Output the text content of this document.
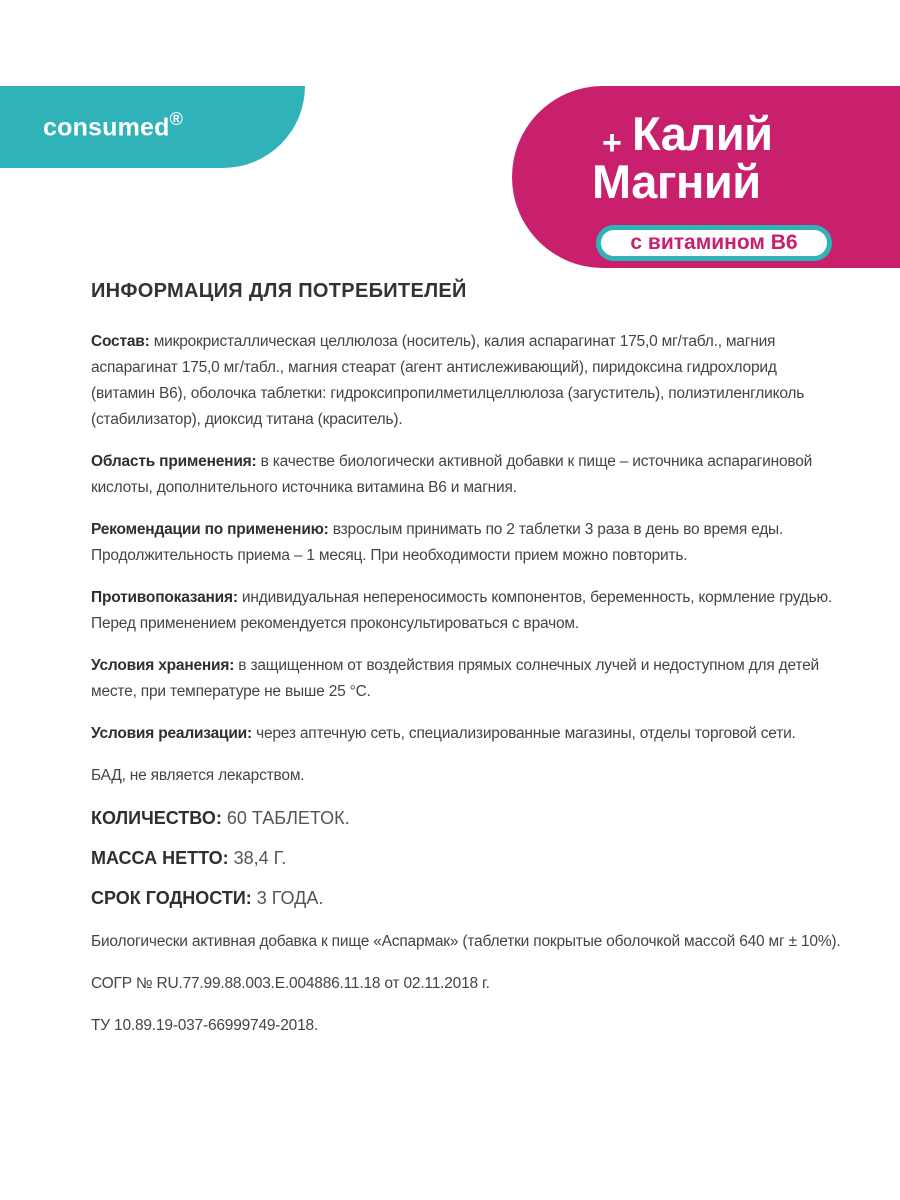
consumed®
+ Калий
Магний
с витамином В6
ИНФОРМАЦИЯ ДЛЯ ПОТРЕБИТЕЛЕЙ

Состав: микрокристаллическая целлюлоза (носитель), калия аспарагинат 175,0 мг/табл., магния аспарагинат 175,0 мг/табл., магния стеарат (агент антислеживающий), пиридоксина гидрохлорид (витамин В6), оболочка таблетки: гидроксипропилметилцеллюлоза (загуститель), полиэтиленгликоль (стабилизатор), диоксид титана (краситель).

Область применения: в качестве биологически активной добавки к пище – источника аспарагиновой кислоты, дополнительного источника витамина В6 и магния.

Рекомендации по применению: взрослым принимать по 2 таблетки 3 раза в день во время еды. Продолжительность приема – 1 месяц. При необходимости прием можно повторить.

Противопоказания: индивидуальная непереносимость компонентов, беременность, кормление грудью. Перед применением рекомендуется проконсультироваться с врачом.

Условия хранения: в защищенном от воздействия прямых солнечных лучей и недоступном для детей месте, при температуре не выше 25 °С.

Условия реализации: через аптечную сеть, специализированные магазины, отделы торговой сети.

БАД, не является лекарством.

КОЛИЧЕСТВО: 60 ТАБЛЕТОК.
МАССА НЕТТО: 38,4 Г.
СРОК ГОДНОСТИ: 3 ГОДА.

Биологически активная добавка к пище «Аспармак» (таблетки покрытые оболочкой массой 640 мг ± 10%).

СОГР № RU.77.99.88.003.Е.004886.11.18 от 02.11.2018 г.

ТУ 10.89.19-037-66999749-2018.
